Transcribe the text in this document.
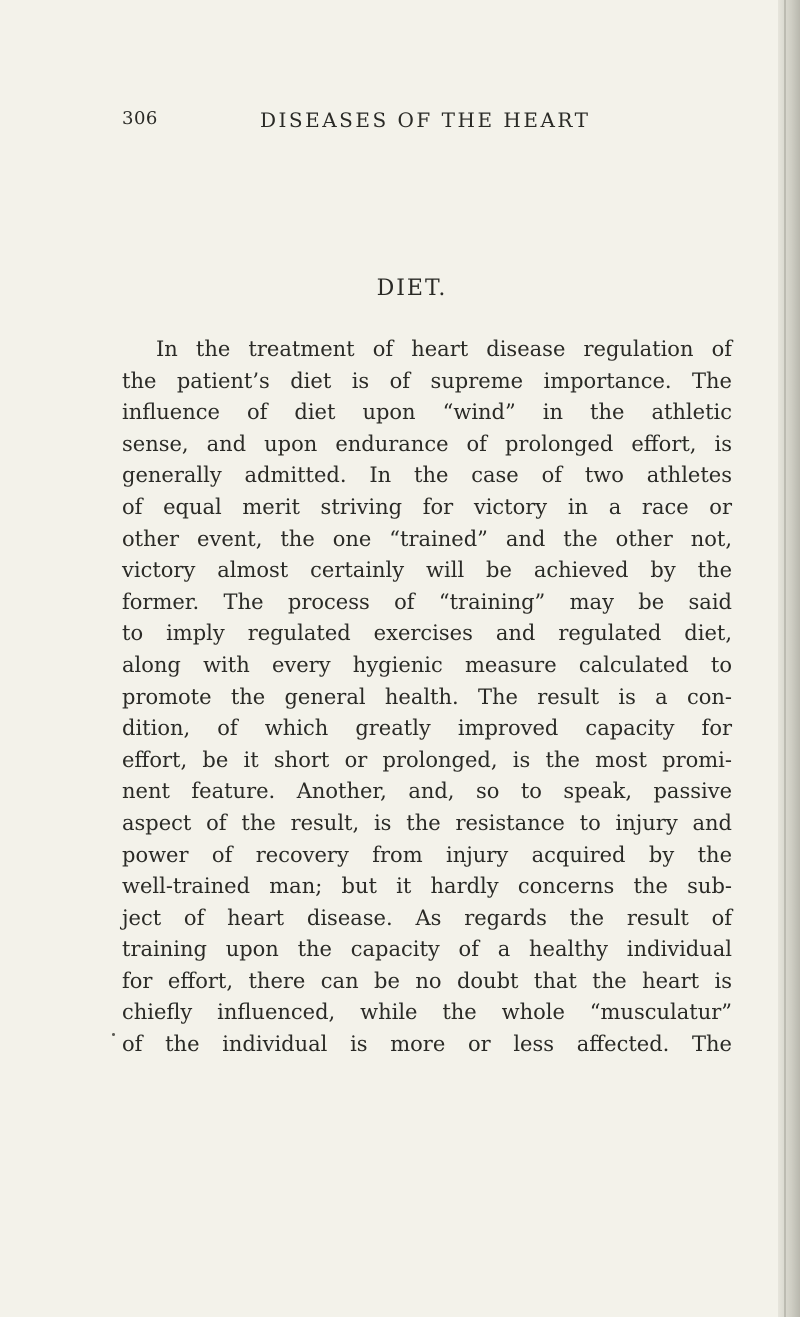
306	DISEASES OF THE HEART
DIET.
In the treatment of heart disease regulation of
the patient’s diet is of supreme importance. The
influence of diet upon “wind” in the athletic
sense, and upon endurance of prolonged effort, is
generally admitted. In the case of two athletes
of equal merit striving for victory in a race or
other event, the one “trained” and the other not,
victory almost certainly will be achieved by the
former. The process of “training” may be said
to imply regulated exercises and regulated diet,
along with every hygienic measure calculated to
promote the general health. The result is a con-
dition, of which greatly improved capacity for
effort, be it short or prolonged, is the most promi-
nent feature. Another, and, so to speak, passive
aspect of the result, is the resistance to injury and
power of recovery from injury acquired by the
well-trained man; but it hardly concerns the sub-
ject of heart disease. As regards the result of
training upon the capacity of a healthy individual
for effort, there can be no doubt that the heart is
chiefly influenced, while the whole “musculatur”
of the individual is more or less affected. The
